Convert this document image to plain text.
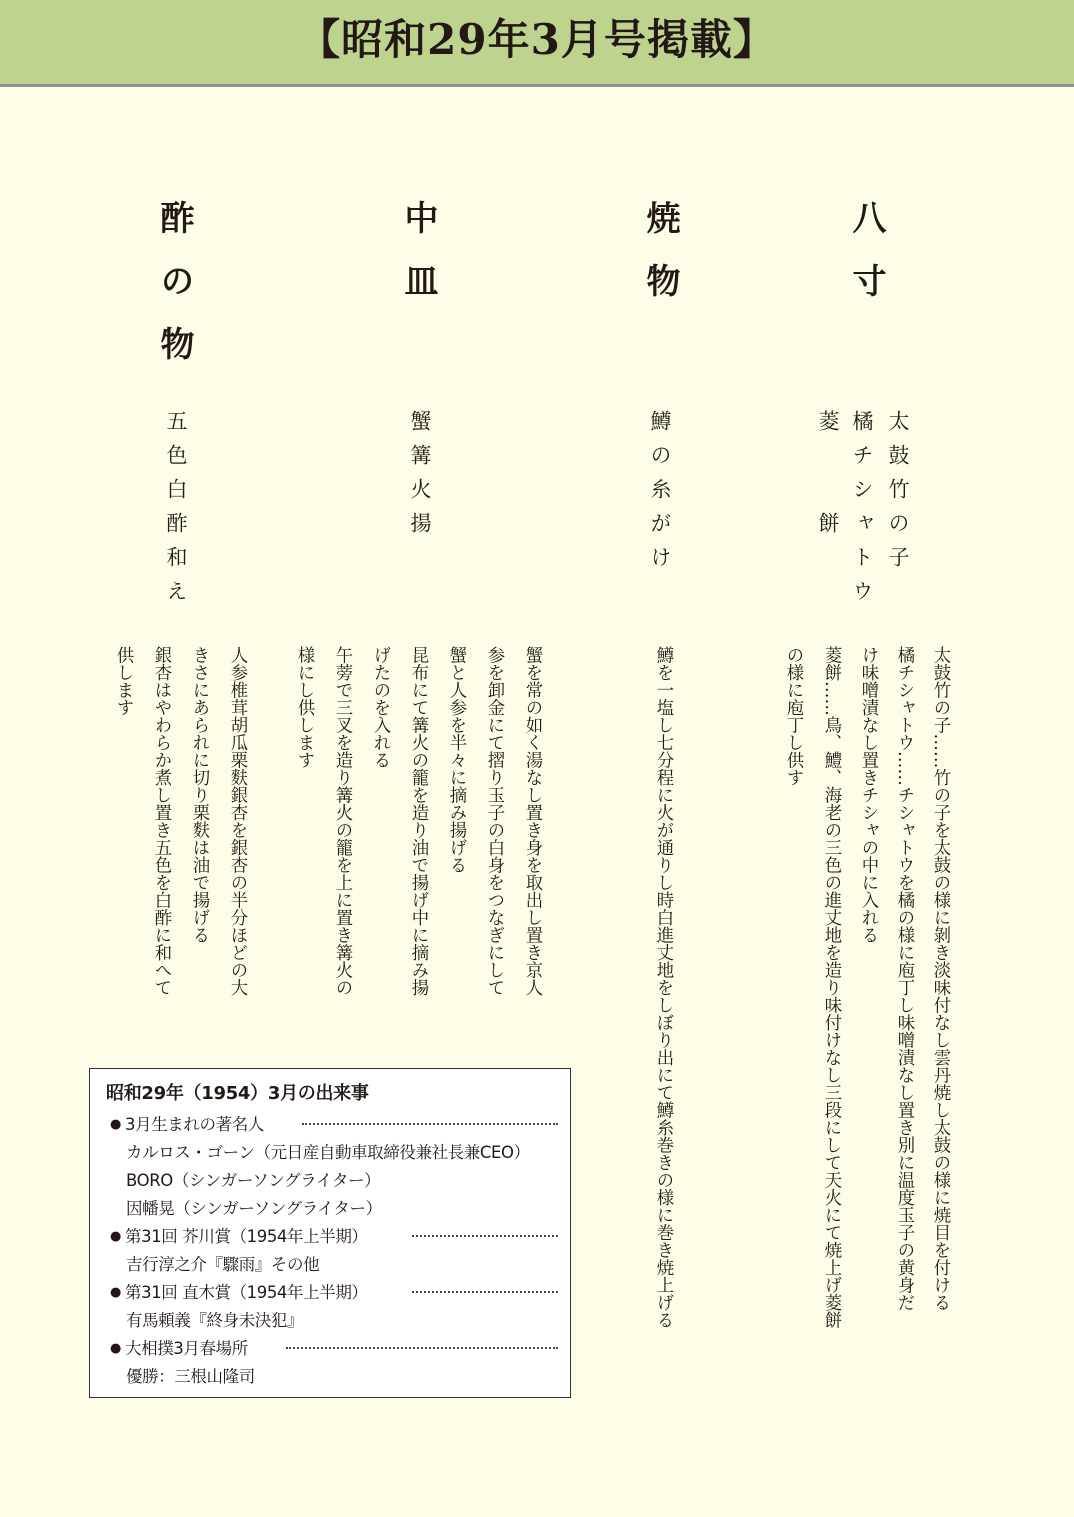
【昭和29年3月号掲載】
八寸
太鼓竹の子
橘チシャトウ
菱　　餅
太鼓竹の子……竹の子を太鼓の様に剝き淡味付なし雲丹焼し太鼓の様に焼目を付ける
橘チシャトウ……チシャトウを橘の様に庖丁し味噌漬なし置き別に温度玉子の黄身だ
け味噌漬なし置きチシャの中に入れる
菱餅……鳥、鱧、海老の三色の進丈地を造り味付けなし三段にして天火にて焼上げ菱餅
の様に庖丁し供す
焼物
鱒の糸がけ
鱒を一塩し七分程に火が通りし時白進丈地をしぼり出にて鱒糸巻きの様に巻き焼上げる
中皿
蟹篝火揚
蟹を常の如く湯なし置き身を取出し置き京人
参を卸金にて摺り玉子の白身をつなぎにして
蟹と人参を半々に摘み揚げる
昆布にて篝火の籠を造り油で揚げ中に摘み揚
げたのを入れる
午蒡で三叉を造り篝火の籠を上に置き篝火の
様にし供します
酢の物
五色白酢和え
人参椎茸胡瓜栗麩銀杏を銀杏の半分ほどの大
きさにあられに切り栗麩は油で揚げる
銀杏はやわらか煮し置き五色を白酢に和へて
供します
昭和29年（1954）3月の出来事
● 3月生まれの著名人
カルロス・ゴーン（元日産自動車取締役兼社長兼CEO）
BORO（シンガーソングライター）
因幡晃（シンガーソングライター）
● 第31回 芥川賞（1954年上半期）
吉行淳之介『驟雨』その他
● 第31回 直木賞（1954年上半期）
有馬頼義『終身未決犯』
● 大相撲3月春場所
優勝：三根山隆司
